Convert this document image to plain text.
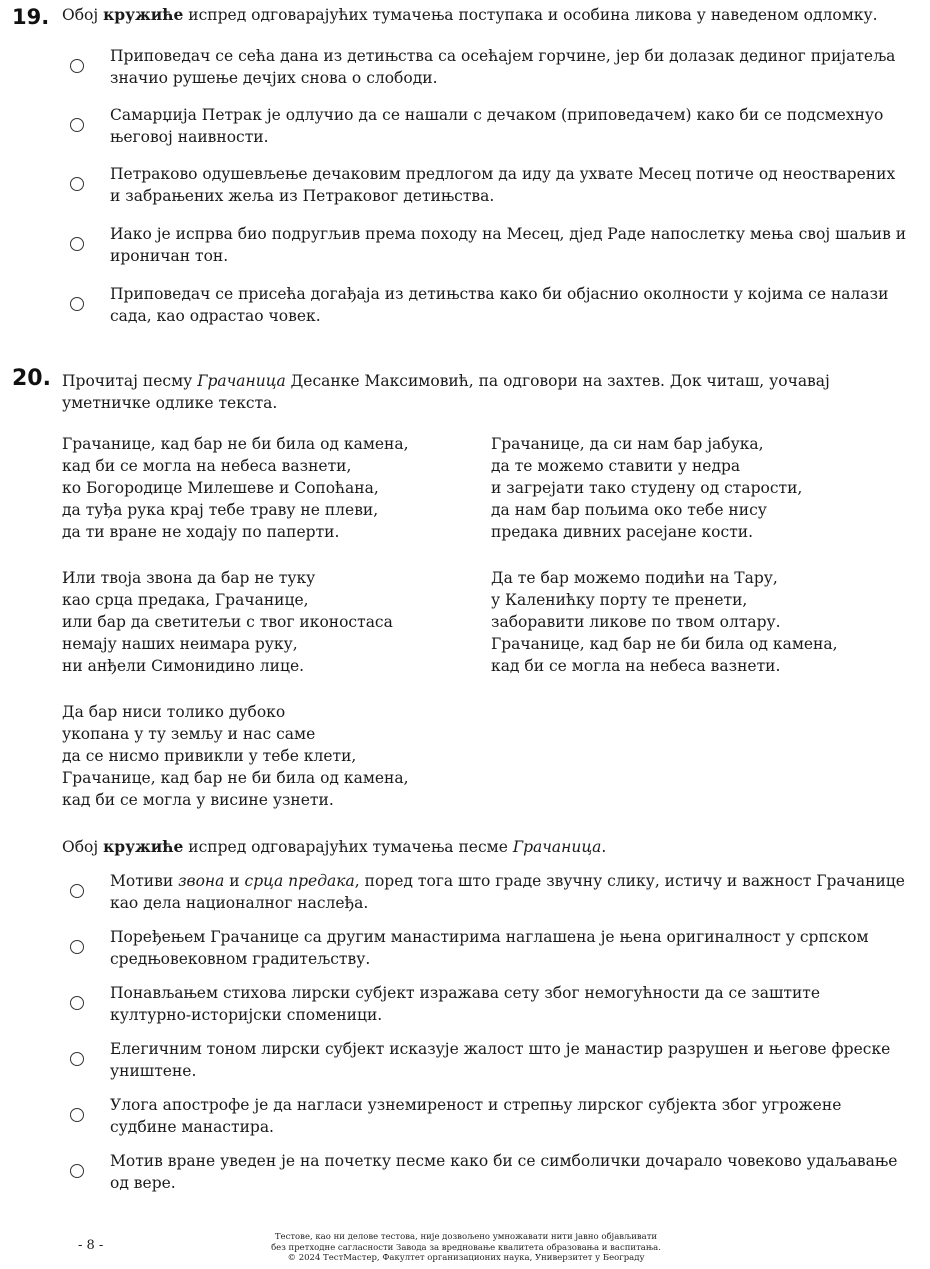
19. Обој кружиће испред одговарајућих тумачења поступака и особина ликова у наведеном одломку.
Приповедач се сећа дана из детињства са осећајем горчине, јер би долазак дединог пријатеља
значио рушење дечјих снова о слободи.
Самарџија Петрак је одлучио да се нашали с дечаком (приповедачем) како би се подсмехнуо
његовој наивности.
Петраково одушевљење дечаковим предлогом да иду да ухвате Месец потиче од неостварених
и забрањених жеља из Петраковог детињства.
Иако је испрва био подругљив према походу на Месец, дјед Раде напослетку мења свој шаљив и
ироничан тон.
Приповедач се присећа догађаја из детињства како би објаснио околности у којима се налази
сада, као одрастао човек.
20. Прочитај песму Грачаница Десанке Максимовић, па одговори на захтев. Док читаш, уочавај
уметничке одлике текста.
Грачанице, кад бар не би била од камена,
кад би се могла на небеса вазнети,
ко Богородице Милешеве и Сопоћана,
да туђа рука крај тебе траву не плеви,
да ти вране не ходају по паперти.
Или твоја звона да бар не туку
као срца предака, Грачанице,
или бар да светитељи с твог иконостаса
немају наших неимара руку,
ни анђели Симонидино лице.
Да бар ниси толико дубоко
укопана у ту земљу и нас саме
да се нисмо привикли у тебе клети,
Грачанице, кад бар не би била од камена,
кад би се могла у висине узнети.
Грачанице, да си нам бар јабука,
да те можемо ставити у недра
и загрејати тако студену од старости,
да нам бар пољима око тебе нису
предака дивних расејане кости.
Да те бар можемо подићи на Тару,
у Каленићку порту те пренети,
заборавити ликове по твом олтару.
Грачанице, кад бар не би била од камена,
кад би се могла на небеса вазнети.
Обој кружиће испред одговарајућих тумачења песме Грачаница.
Мотиви звона и срца предака, поред тога што граде звучну слику, истичу и важност Грачанице
као дела националног наслеђа.
Поређењем Грачанице са другим манастирима наглашена је њена оригиналност у српском
средњовековном градитељству.
Понављањем стихова лирски субјект изражава сету због немогућности да се заштите
културно-историјски споменици.
Елегичним тоном лирски субјект исказује жалост што је манастир разрушен и његове фреске
уништене.
Улога апострофе је да нагласи узнемиреност и стрепњу лирског субјекта због угрожене
судбине манастира.
Мотив вране уведен је на почетку песме како би се симболички дочарало човеково удаљавање
од вере.
- 8 -
Тестове, као ни делове тестова, није дозвољено умножавати нити јавно објављивати
без претходне сагласности Завода за вредновање квалитета образовања и васпитања.
© 2024 ТестМастер, Факултет организационих наука, Универзитет у Београду
